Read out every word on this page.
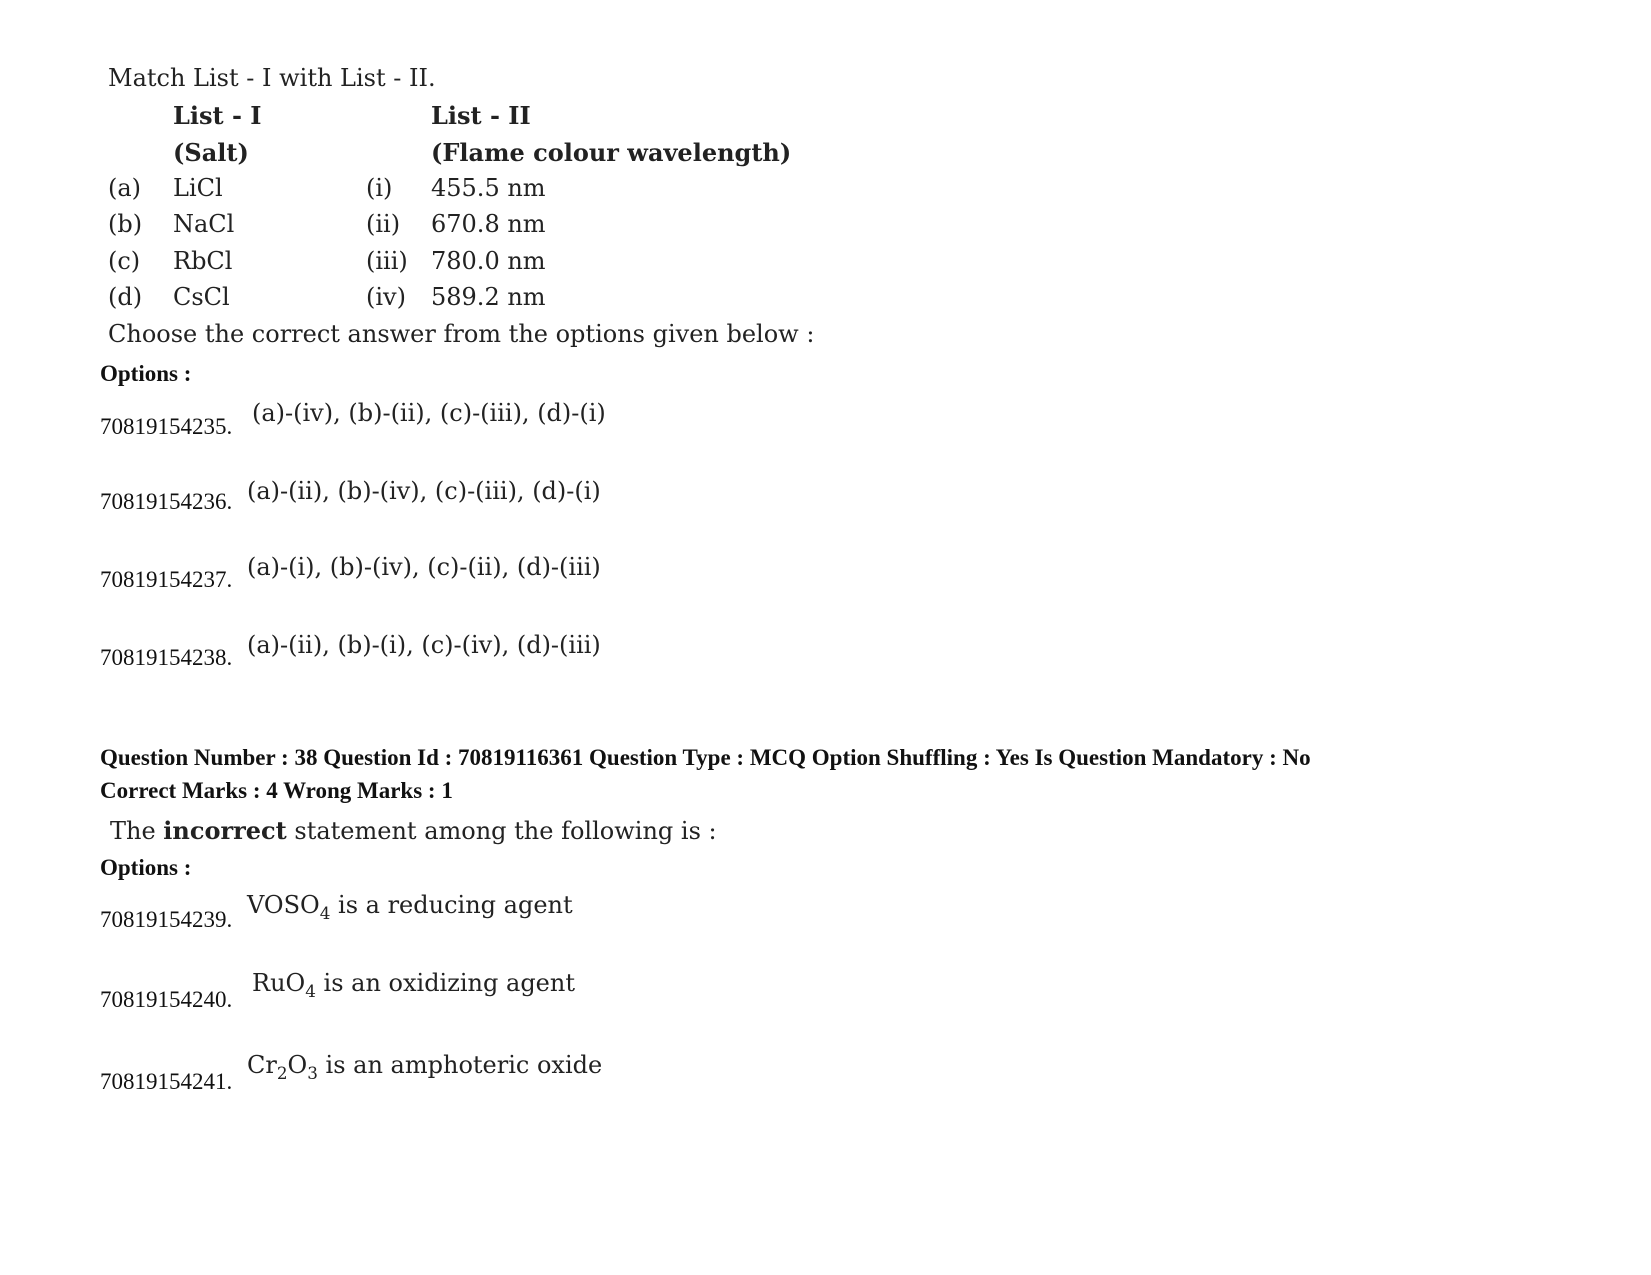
Match List - I with List - II.
List - I	List - II
(Salt)	(Flame colour wavelength)
(a) LiCl	(i) 455.5 nm
(b) NaCl	(ii) 670.8 nm
(c) RbCl	(iii) 780.0 nm
(d) CsCl	(iv) 589.2 nm
Choose the correct answer from the options given below :
Options :
70819154235. (a)-(iv), (b)-(ii), (c)-(iii), (d)-(i)
70819154236. (a)-(ii), (b)-(iv), (c)-(iii), (d)-(i)
70819154237. (a)-(i), (b)-(iv), (c)-(ii), (d)-(iii)
70819154238. (a)-(ii), (b)-(i), (c)-(iv), (d)-(iii)
Question Number : 38 Question Id : 70819116361 Question Type : MCQ Option Shuffling : Yes Is Question Mandatory : No
Correct Marks : 4 Wrong Marks : 1
The incorrect statement among the following is :
Options :
70819154239.
$VOSO_4$ is a reducing agent
70819154240.
RuO$_4$ is an oxidizing agent
70819154241.
$Cr_2O_3$ is an amphoteric oxide
